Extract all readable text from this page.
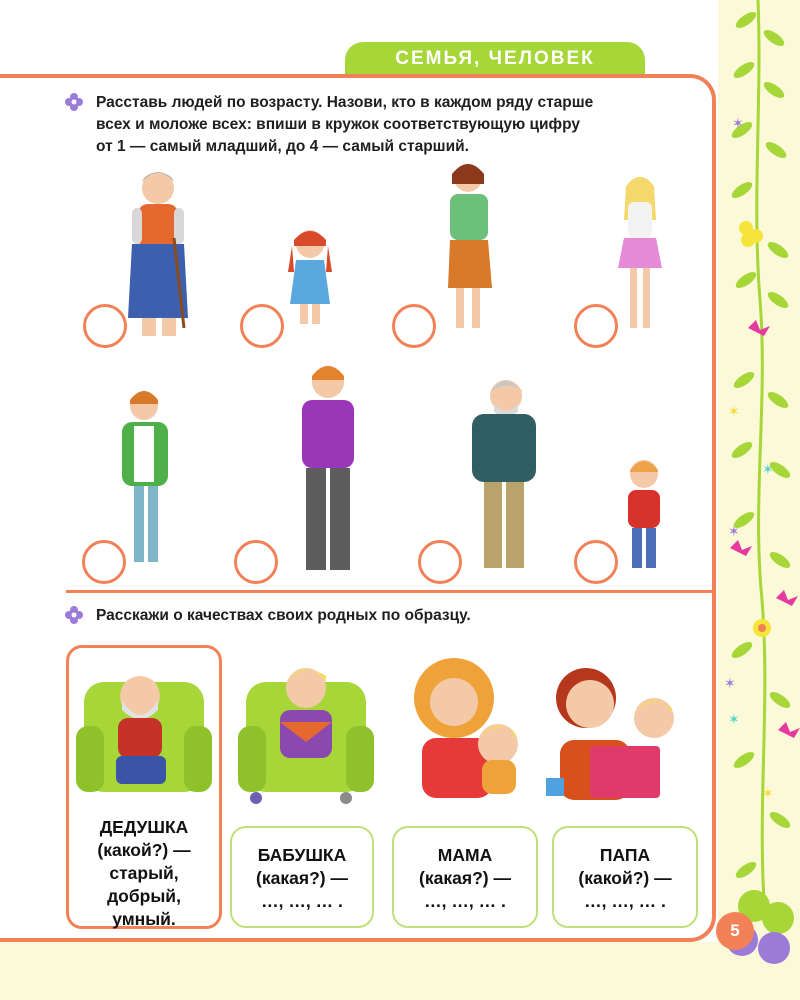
✶
✶
✶
✶
✶
✶
✶
СЕМЬЯ, ЧЕЛОВЕК
Расставь людей по возрасту. Назови, кто в каждом ряду старше
всех и моложе всех: впиши в кружок соответствующую цифру
от 1 — самый младший, до 4 — самый старший.
Расскажи о качествах своих родных по образцу.
ДЕДУШКА
(какой?) —
старый,
добрый,
умный.
БАБУШКА
(какая?) —
…, …, … .
МАМА
(какая?) —
…, …, … .
ПАПА
(какой?) —
…, …, … .
5
